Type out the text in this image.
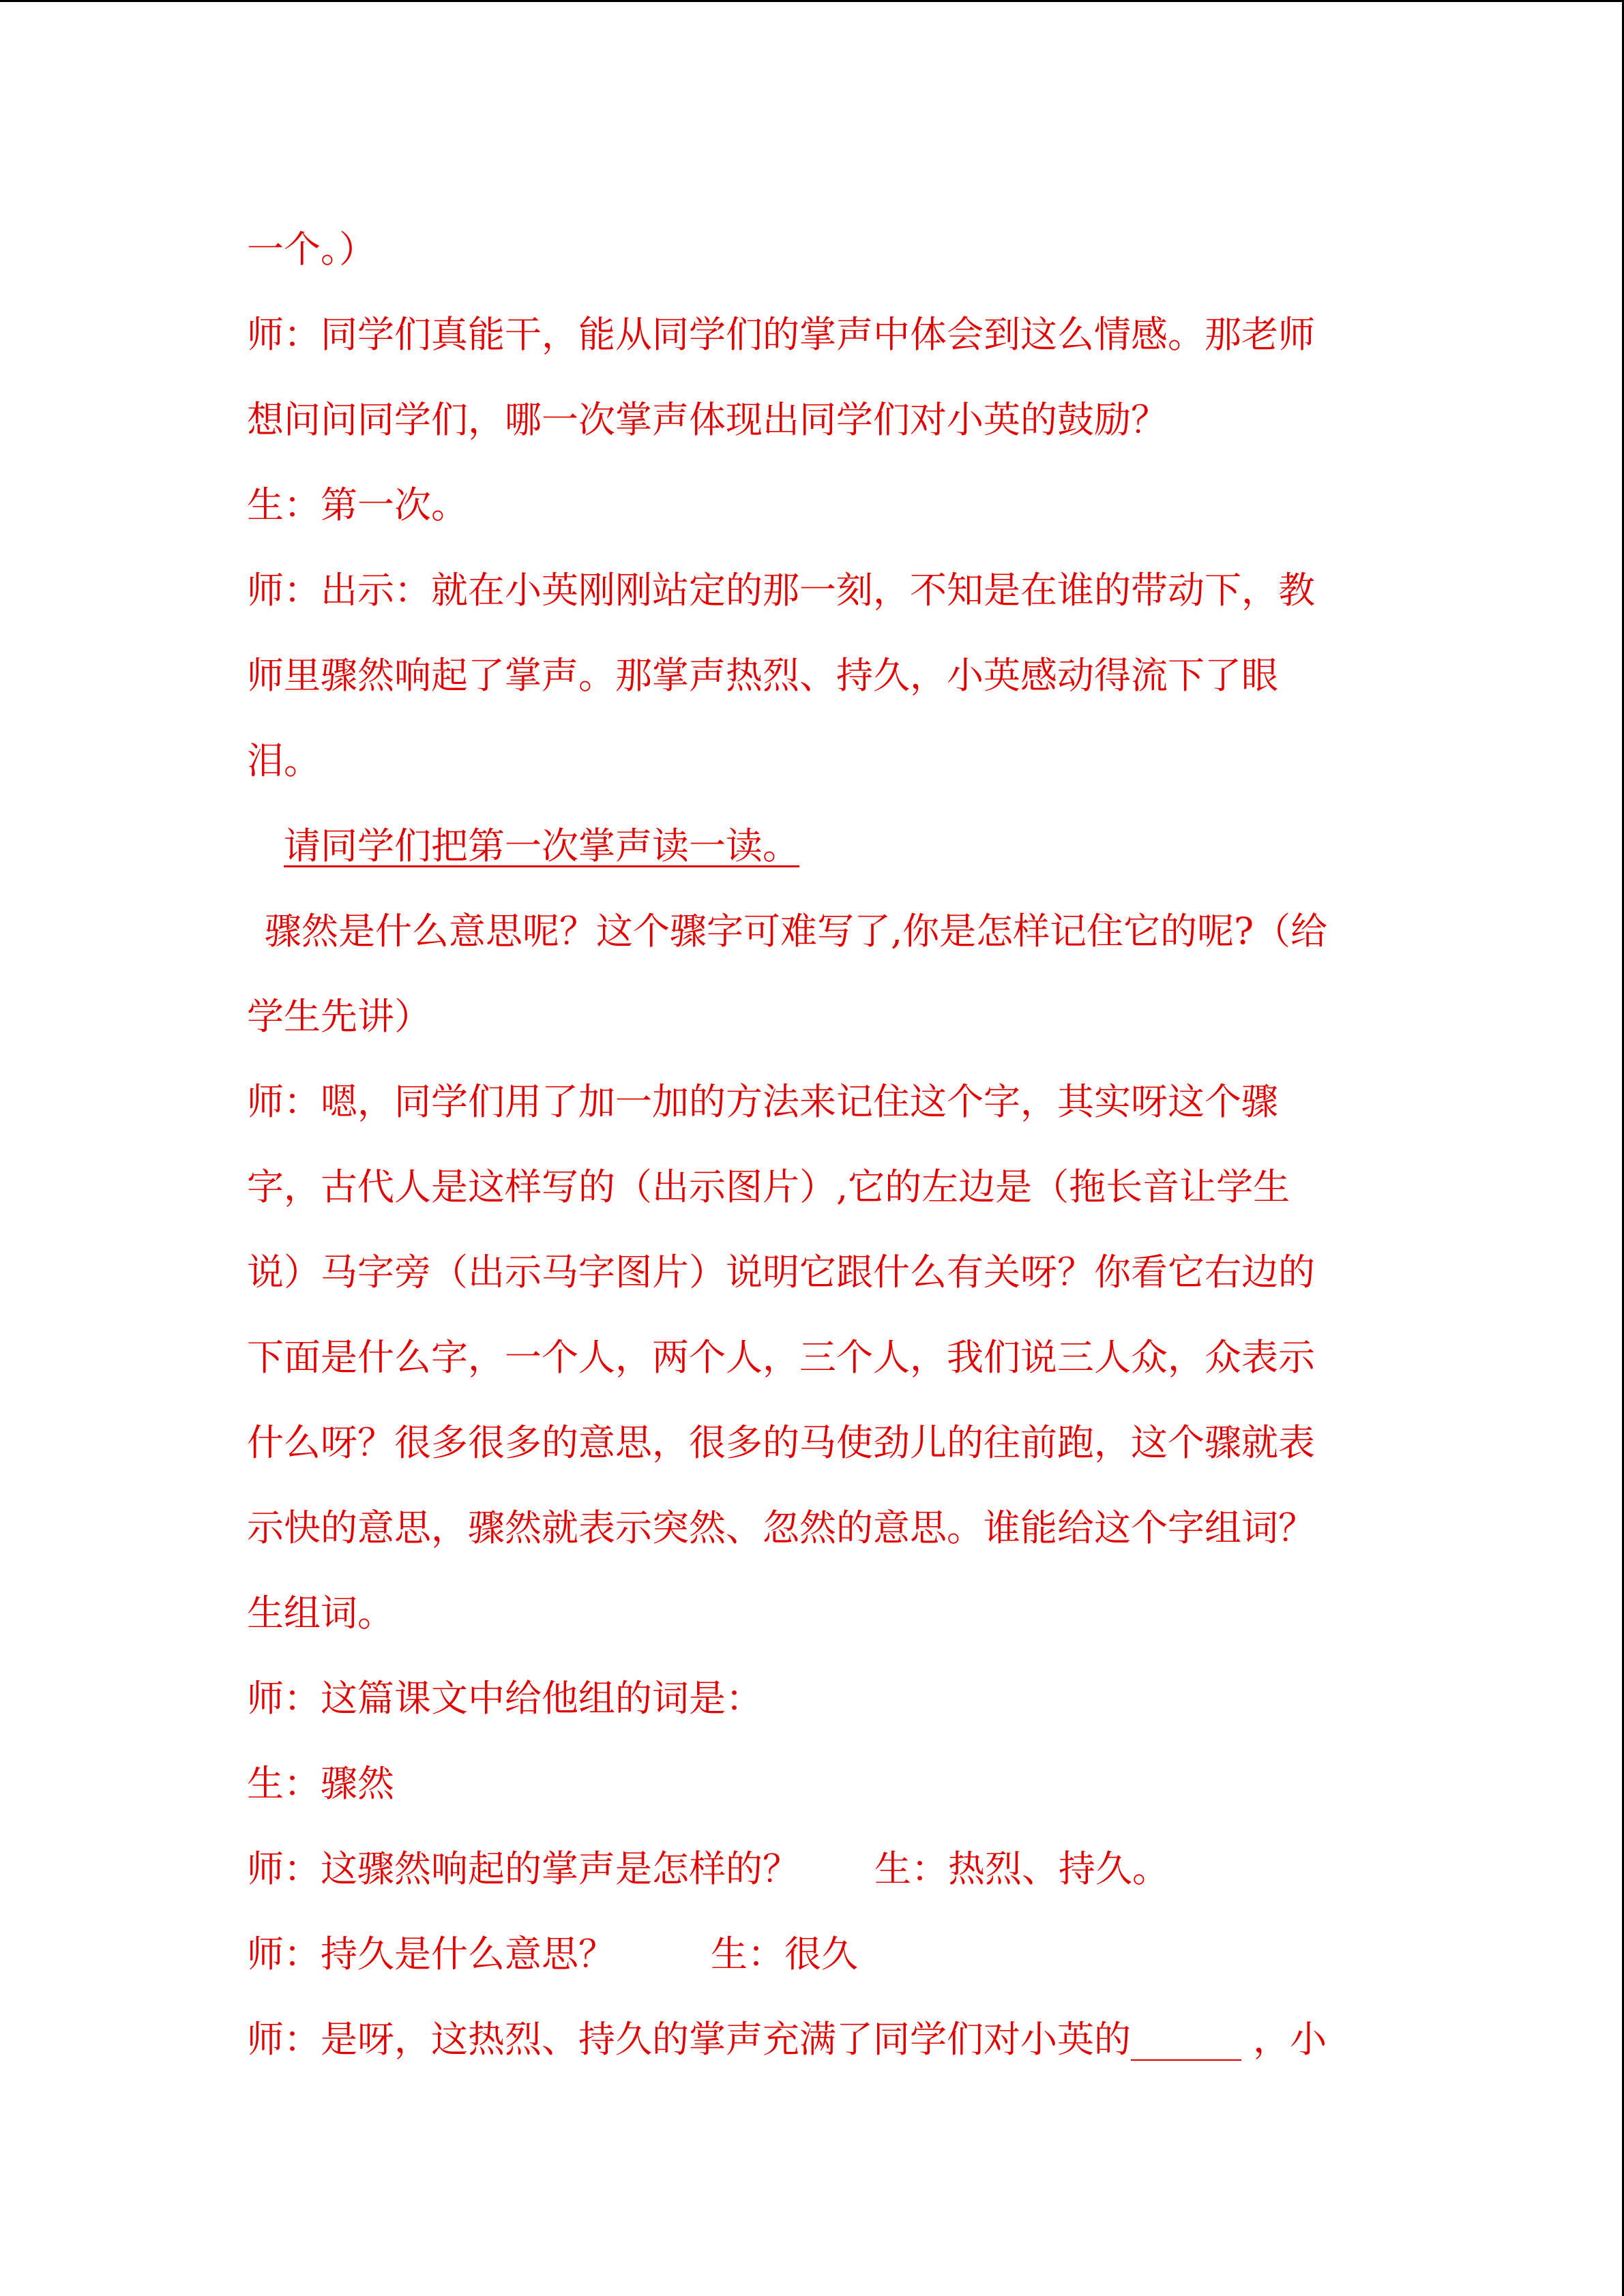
一个。）
师：同学们真能干，能从同学们的掌声中体会到这么情感。那老师
想问问同学们，哪一次掌声体现出同学们对小英的鼓励？
生：第一次。
师：出示：就在小英刚刚站定的那一刻，不知是在谁的带动下，教
师里骤然响起了掌声。那掌声热烈、持久，小英感动得流下了眼
泪。
请同学们把第一次掌声读一读。
骤然是什么意思呢？这个骤字可难写了,你是怎样记住它的呢?（给
学生先讲）
师：嗯，同学们用了加一加的方法来记住这个字，其实呀这个骤
字，古代人是这样写的（出示图片）,它的左边是（拖长音让学生
说）马字旁（出示马字图片）说明它跟什么有关呀？你看它右边的
下面是什么字，一个人，两个人，三个人，我们说三人众，众表示
什么呀？很多很多的意思，很多的马使劲儿的往前跑，这个骤就表
示快的意思，骤然就表示突然、忽然的意思。谁能给这个字组词？
生组词。
师：这篇课文中给他组的词是：
生：骤然
师：这骤然响起的掌声是怎样的？ 生：热烈、持久。
师：持久是什么意思？	生：很久
师：是呀，这热烈、持久的掌声充满了同学们对小英的______ ，小
